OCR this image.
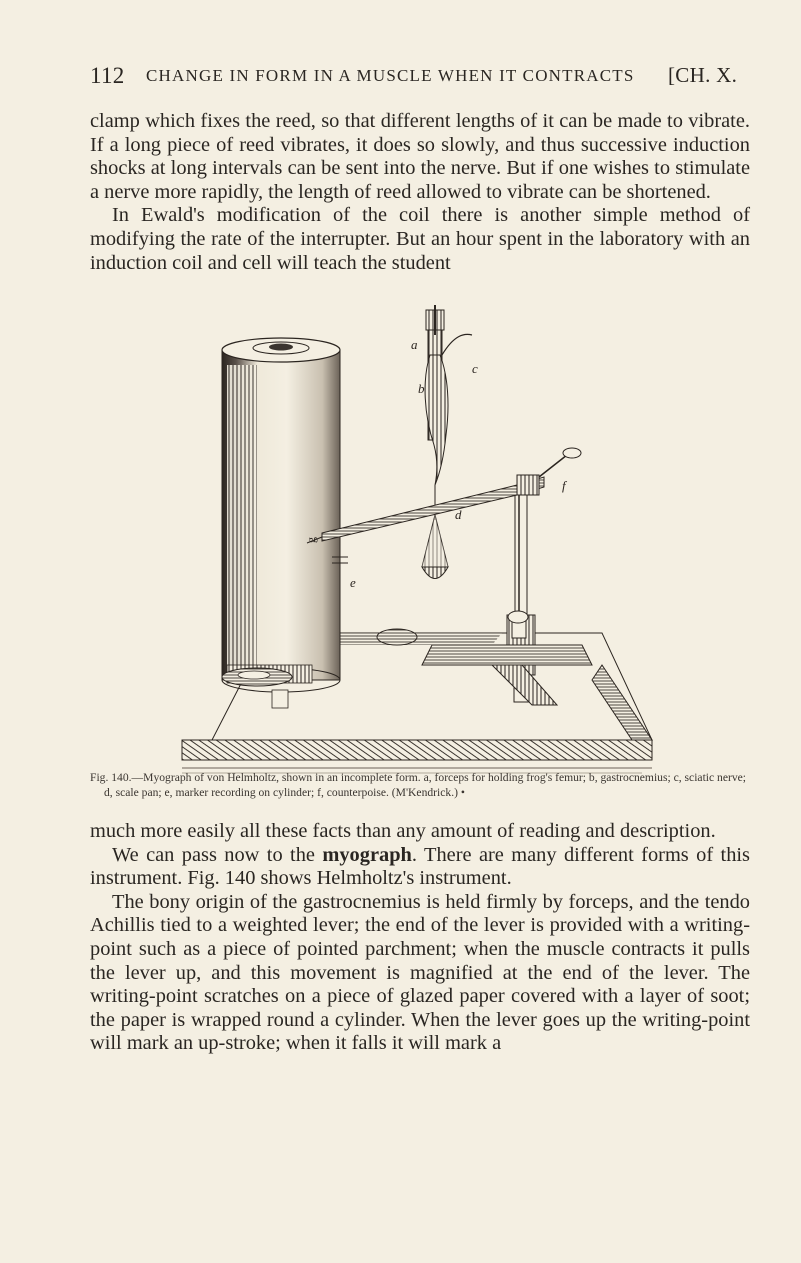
112 CHANGE IN FORM IN A MUSCLE WHEN IT CONTRACTS [CH. X.

clamp which fixes the reed, so that different lengths of it can be made to vibrate. If a long piece of reed vibrates, it does so slowly, and thus successive induction shocks at long intervals can be sent into the nerve. But if one wishes to stimulate a nerve more rapidly, the length of reed allowed to vibrate can be shortened.

In Ewald's modification of the coil there is another simple method of modifying the rate of the interrupter. But an hour spent in the laboratory with an induction coil and cell will teach the student

g
a
b
c
d
e
f
Fig. 140.—Myograph of von Helmholtz, shown in an incomplete form. a, forceps for holding frog's femur; b, gastrocnemius; c, sciatic nerve; d, scale pan; e, marker recording on cylinder; f, counterpoise. (M'Kendrick.) •

much more easily all these facts than any amount of reading and description.

We can pass now to the myograph. There are many different forms of this instrument. Fig. 140 shows Helmholtz's instrument.

The bony origin of the gastrocnemius is held firmly by forceps, and the tendo Achillis tied to a weighted lever; the end of the lever is provided with a writing-point such as a piece of pointed parchment; when the muscle contracts it pulls the lever up, and this movement is magnified at the end of the lever. The writing-point scratches on a piece of glazed paper covered with a layer of soot; the paper is wrapped round a cylinder. When the lever goes up the writing-point will mark an up-stroke; when it falls it will mark a
